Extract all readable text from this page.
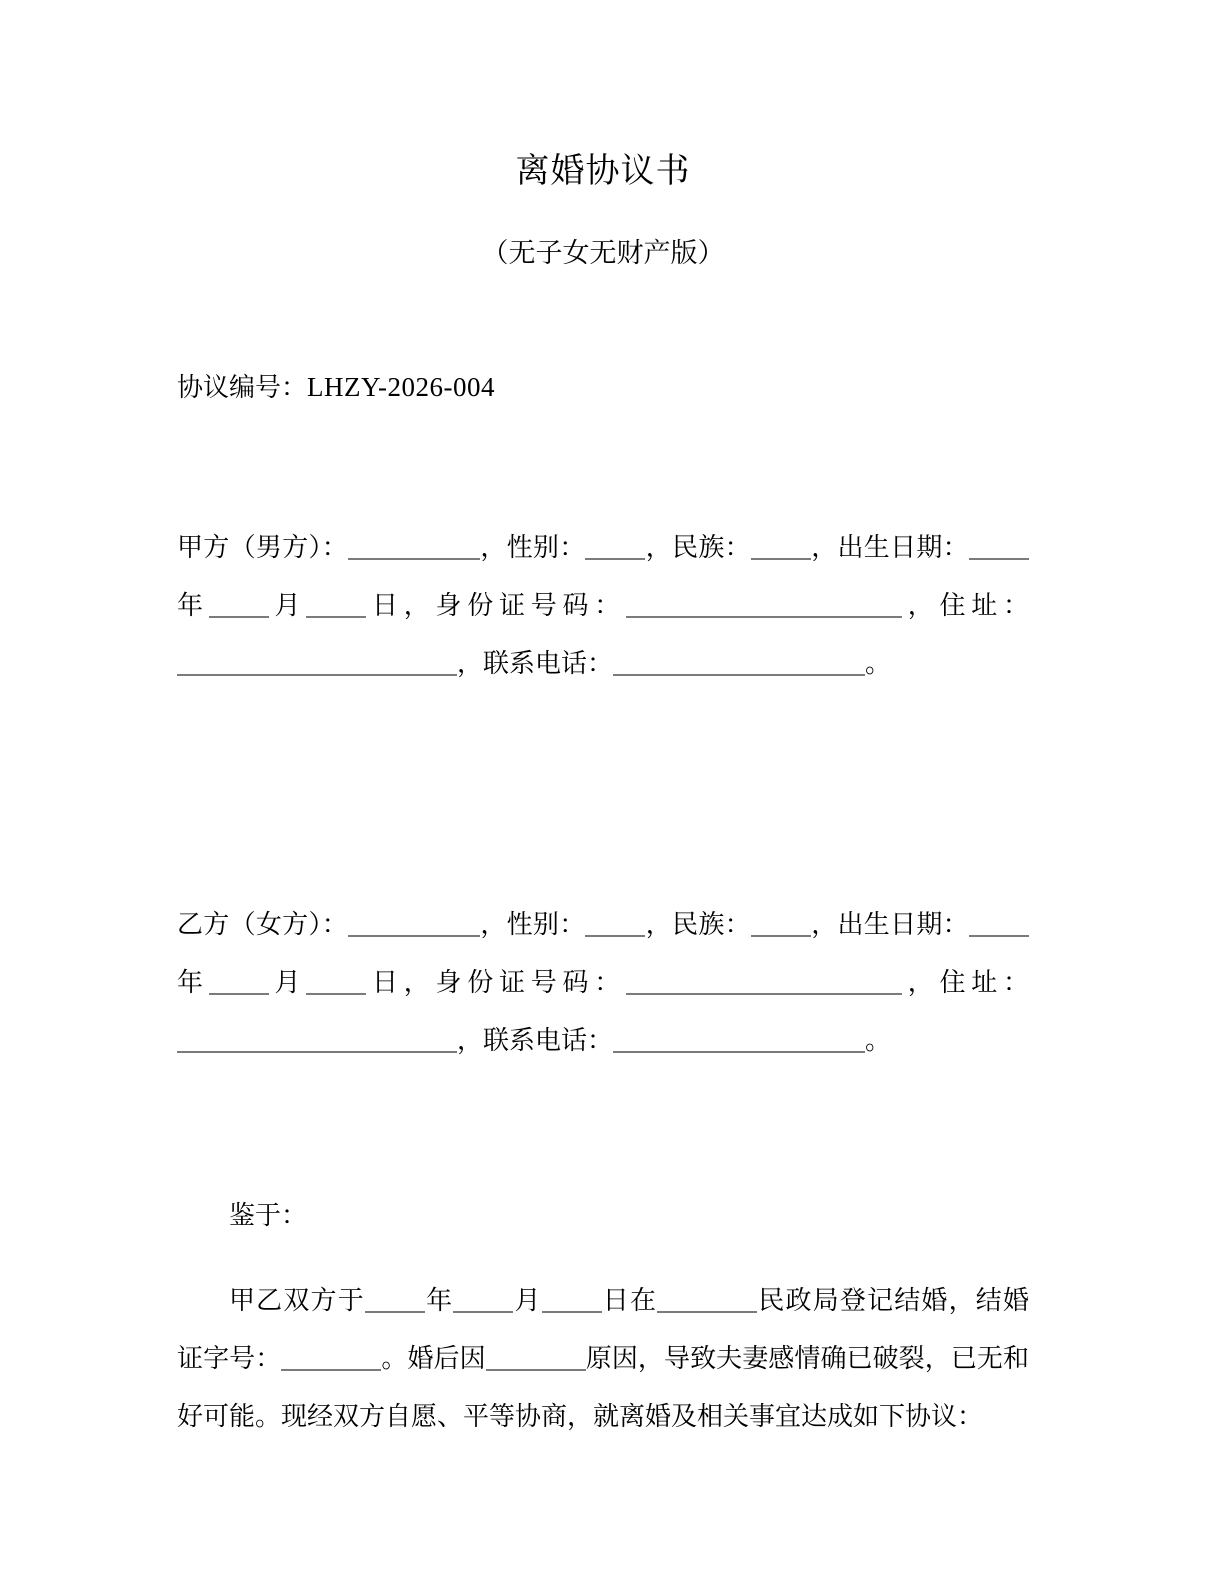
离婚协议书
（无子女无财产版）

协议编号：LHZY-2026-004

甲方（男方）：	，性别： ，民族： ，出生日期：年 月 日，身份证号码：	，住址：，联系电话：	。

乙方（女方）：	，性别： ，民族： ，出生日期：年 月 日，身份证号码：	，住址：，联系电话：	。

鉴于：

甲乙双方于 年 月 日在	民政局登记结婚，结婚证字号：	。婚后因	原因，导致夫妻感情确已破裂，已无和好可能。现经双方自愿、平等协商，就离婚及相关事宜达成如下协议：
